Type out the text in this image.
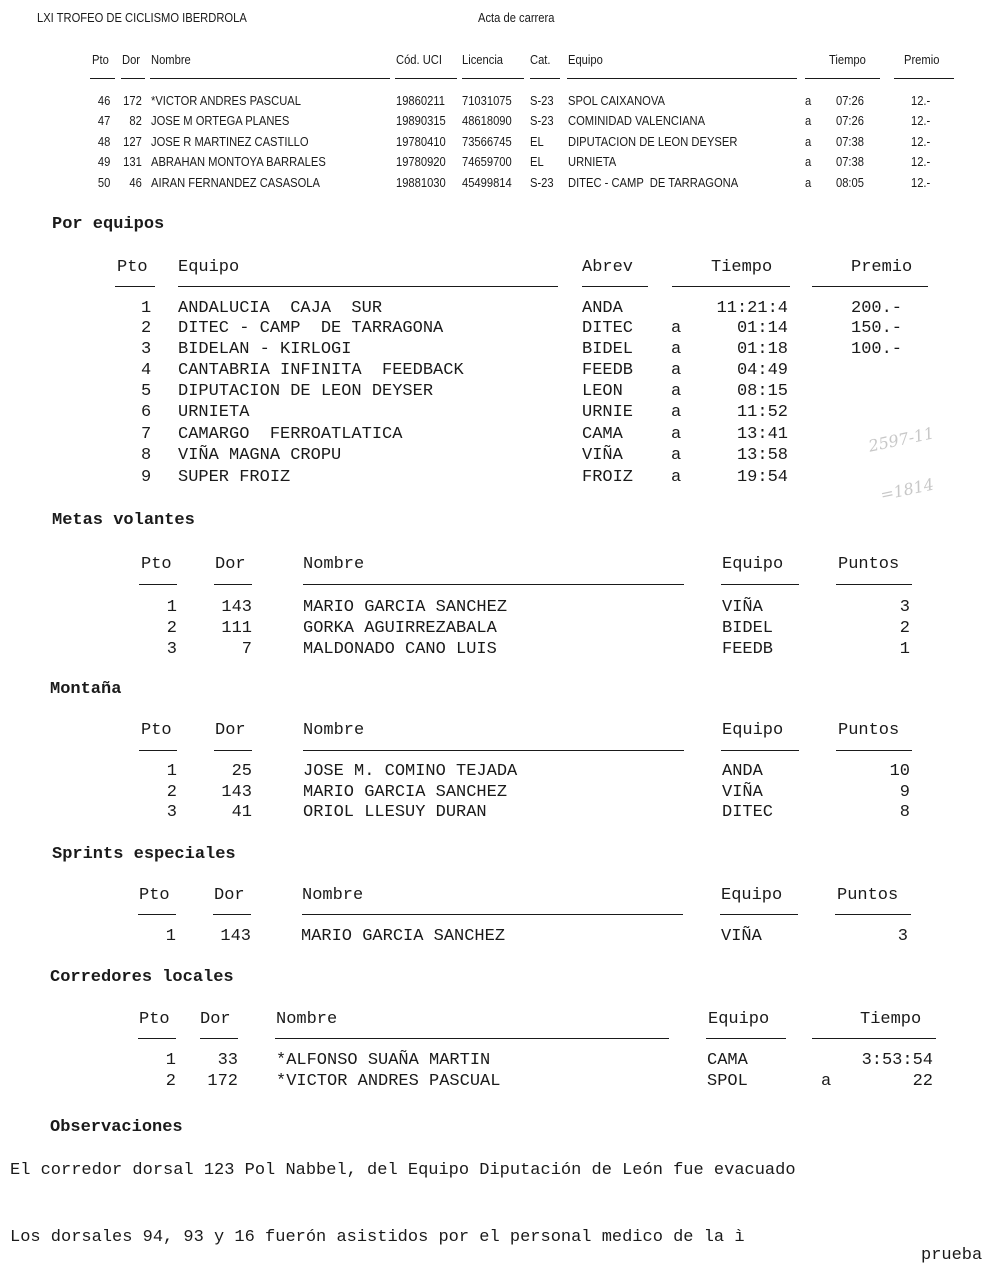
LXI TROFEO DE CICLISMO IBERDROLA	Acta de carrera
Pto Dor Nombre	Cód. UCI Licencia Cat. Equipo	Tiempo	Premio
46 172 *VICTOR ANDRES PASCUAL	19860211 71031075 S-23 SPOL CAIXANOVA	a 07:26	12.-
47	82 JOSE M ORTEGA PLANES	19890315 48618090 S-23 COMINIDAD VALENCIANA	a 07:26	12.-
48 127 JOSE R MARTINEZ CASTILLO	19780410 73566745 EL DIPUTACION DE LEON DEYSER	a 07:38	12.-
49 131 ABRAHAN MONTOYA BARRALES	19780920 74659700 EL URNIETA	a 07:38	12.-
50	46 AIRAN FERNANDEZ CASASOLA	19881030 45499814 S-23 DITEC - CAMP  DE TARRAGONA	a 08:05	12.-
Por equipos
Pto Equipo	Abrev	Tiempo	Premio
1 ANDALUCIA  CAJA  SUR	ANDA	11:21:4	200.-
2 DITEC - CAMP  DE TARRAGONA	DITEC a	01:14	150.-
3 BIDELAN - KIRLOGI	BIDEL a	01:18	100.-
4 CANTABRIA INFINITA  FEEDBACK	FEEDB a	04:49
5 DIPUTACION DE LEON DEYSER	LEON	a	08:15
6 URNIETA	URNIE a	11:52
7 CAMARGO  FERROATLATICA	CAMA	a	13:41
8 VIÑA MAGNA CROPU	VIÑA	a	13:58
9 SUPER FROIZ	FROIZ a	19:54
2597-11
=1814
Metas volantes
Pto	Dor	Nombre	Equipo	Puntos
1	143	MARIO GARCIA SANCHEZ	VIÑA	3
2	111	GORKA AGUIRREZABALA	BIDEL	2
3	7	MALDONADO CANO LUIS	FEEDB	1
Montaña
Pto	Dor	Nombre	Equipo	Puntos
1	25	JOSE M. COMINO TEJADA	ANDA	10
2	143	MARIO GARCIA SANCHEZ	VIÑA	9
3	41	ORIOL LLESUY DURAN	DITEC	8
Sprints especiales
Pto	Dor	Nombre	Equipo	Puntos
1	143	MARIO GARCIA SANCHEZ	VIÑA	3
Corredores locales
Pto Dor	Nombre	Equipo	Tiempo
1	33 *ALFONSO SUAÑA MARTIN	CAMA	3:53:54
2	172 *VICTOR ANDRES PASCUAL	SPOL	a	22
Observaciones
El corredor dorsal 123 Pol Nabbel, del Equipo Diputación de León fue evacuado
Los dorsales 94, 93 y 16 fuerón asistidos por el personal medico de la ì
prueba
